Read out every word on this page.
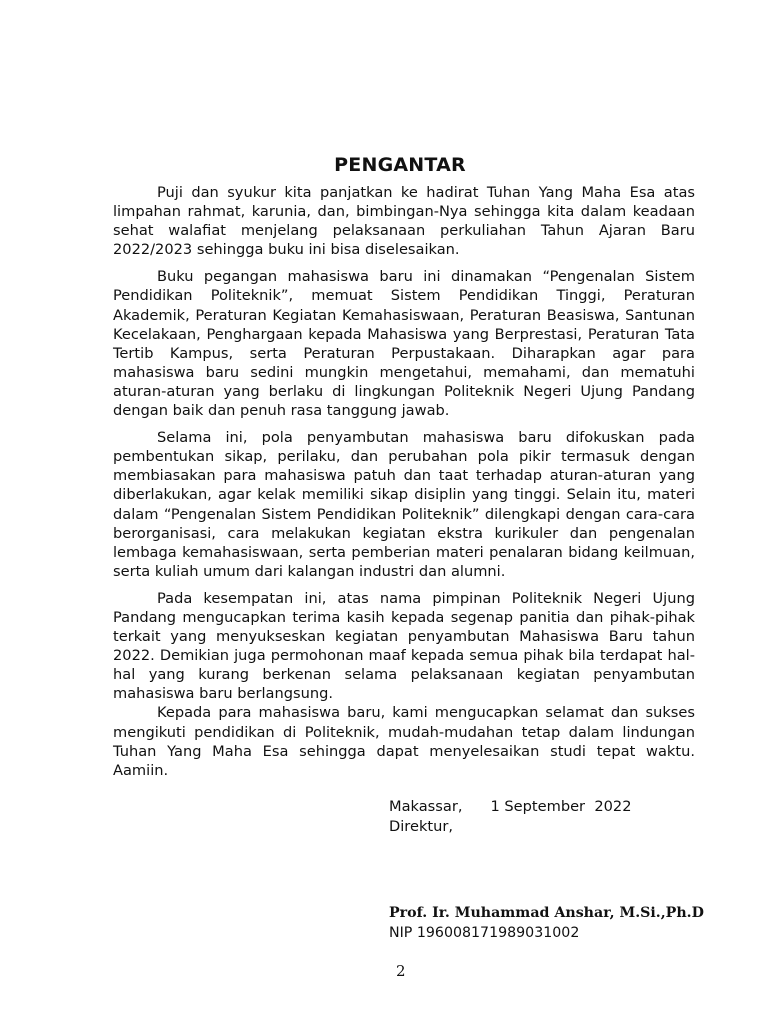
PENGANTAR

Puji dan syukur kita panjatkan ke hadirat Tuhan Yang Maha Esa atas limpahan rahmat, karunia, dan, bimbingan-Nya sehingga kita dalam keadaan sehat walafiat menjelang pelaksanaan perkuliahan Tahun Ajaran Baru 2022/2023 sehingga buku ini bisa diselesaikan.

Buku pegangan mahasiswa baru ini dinamakan “Pengenalan Sistem Pendidikan Politeknik”, memuat Sistem Pendidikan Tinggi, Peraturan Akademik, Peraturan Kegiatan Kemahasiswaan, Peraturan Beasiswa, Santunan Kecelakaan, Penghargaan kepada Mahasiswa yang Berprestasi, Peraturan Tata Tertib Kampus, serta Peraturan Perpustakaan. Diharapkan agar para mahasiswa baru sedini mungkin mengetahui, memahami, dan mematuhi aturan-aturan yang berlaku di lingkungan Politeknik Negeri Ujung Pandang dengan baik dan penuh rasa tanggung jawab.

Selama ini, pola penyambutan mahasiswa baru difokuskan pada pembentukan sikap, perilaku, dan perubahan pola pikir termasuk dengan membiasakan para mahasiswa patuh dan taat terhadap aturan-aturan yang diberlakukan, agar kelak memiliki sikap disiplin yang tinggi. Selain itu, materi dalam “Pengenalan Sistem Pendidikan Politeknik” dilengkapi dengan cara-cara berorganisasi, cara melakukan kegiatan ekstra kurikuler dan pengenalan lembaga kemahasiswaan, serta pemberian materi penalaran bidang keilmuan, serta kuliah umum dari kalangan industri dan alumni.

Pada kesempatan ini, atas nama pimpinan Politeknik Negeri Ujung Pandang mengucapkan terima kasih kepada segenap panitia dan pihak-pihak terkait yang menyukseskan kegiatan penyambutan Mahasiswa Baru tahun 2022. Demikian juga permohonan maaf kepada semua pihak bila terdapat hal-hal yang kurang berkenan selama pelaksanaan kegiatan penyambutan mahasiswa baru berlangsung.

Kepada para mahasiswa baru, kami mengucapkan selamat dan sukses mengikuti pendidikan di Politeknik, mudah-mudahan tetap dalam lindungan Tuhan Yang Maha Esa sehingga dapat menyelesaikan studi tepat waktu. Aamiin.

Makassar, 1 September  2022
Direktur,
Prof. Ir. Muhammad Anshar, M.Si.,Ph.D
NIP 196008171989031002
2
